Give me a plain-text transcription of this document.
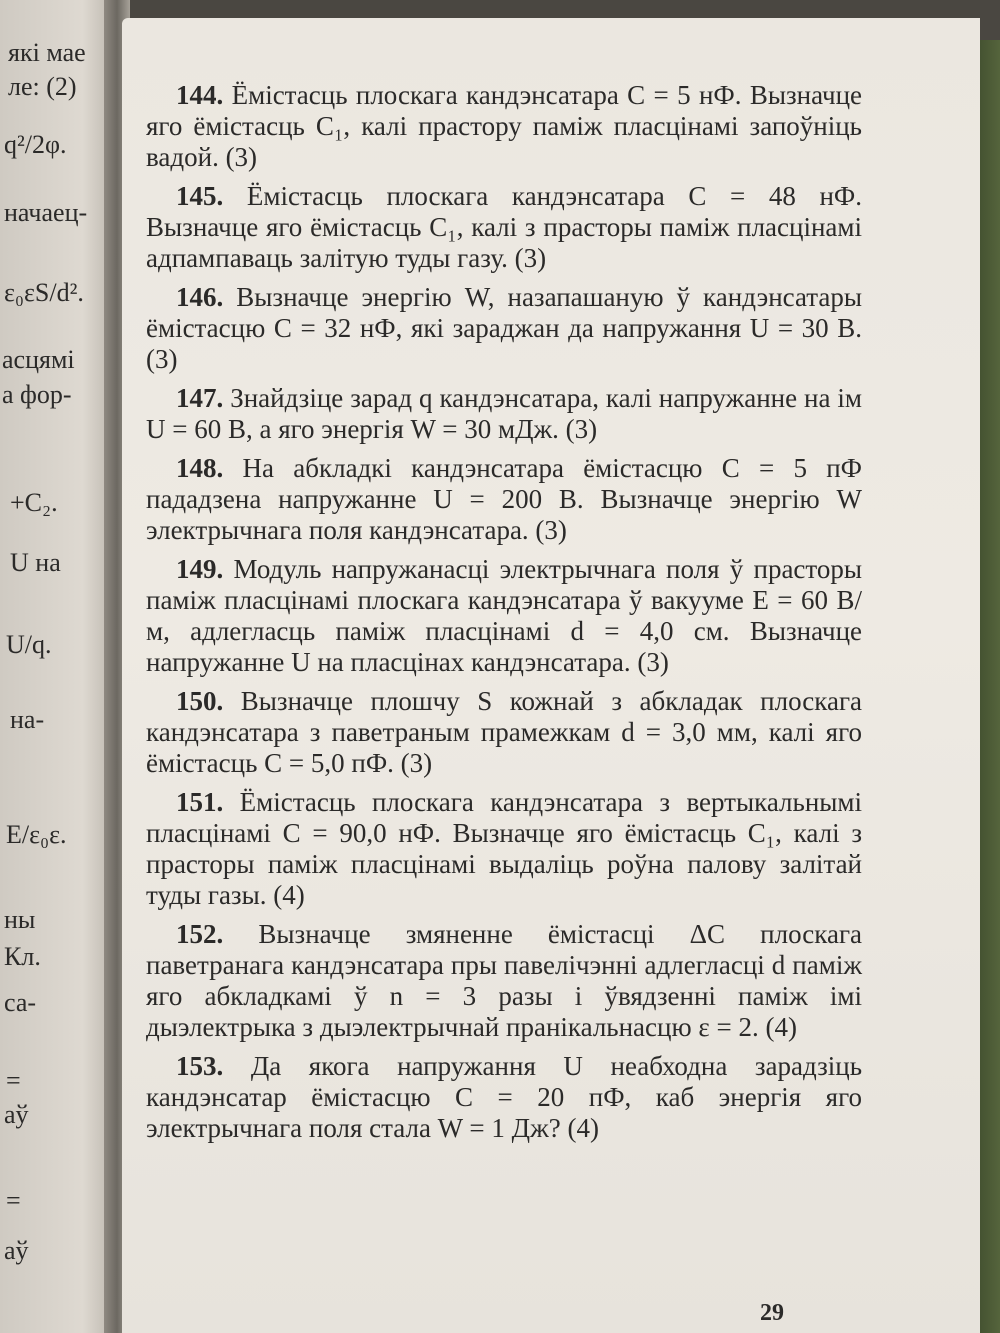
які мае
ле: (2)
q²/2φ.
начаец-
ε₀εS/d².
асцямі
а фор-
+C₂.
U на
U/q.
на-
E/ε₀ε.
ны
Кл.
са-
=
аў
=
аў

144. Ёмістасць плоскага кандэнсатара C = 5 нФ. Вызначце яго ёмістасць C₁, калі прастору паміж пласцінамі запоўніць вадой. (3)

145. Ёмістасць плоскага кандэнсатара C = 48 нФ. Вызначце яго ёмістасць C₁, калі з прасторы паміж пласцінамі адпампаваць залітую туды газу. (3)

146. Вызначце энергію W, назапашаную ў кандэнсатары ёмістасцю C = 32 нФ, які зараджан да напружання U = 30 В. (3)

147. Знайдзіце зарад q кандэнсатара, калі напружанне на ім U = 60 В, а яго энергія W = 30 мДж. (3)

148. На абкладкі кандэнсатара ёмістасцю C = 5 пФ пададзена напружанне U = 200 В. Вызначце энергію W электрычнага поля кандэнсатара. (3)

149. Модуль напружанасці электрычнага поля ў прасторы паміж пласцінамі плоскага кандэнсатара ў вакууме E = 60 В/м, адлегласць паміж пласцінамі d = 4,0 см. Вызначце напружанне U на пласцінах кандэнсатара. (3)

150. Вызначце плошчу S кожнай з абкладак плоскага кандэнсатара з паветраным прамежкам d = 3,0 мм, калі яго ёмістасць C = 5,0 пФ. (3)

151. Ёмістасць плоскага кандэнсатара з вертыкальнымі пласцінамі C = 90,0 нФ. Вызначце яго ёмістасць C₁, калі з прасторы паміж пласцінамі выдаліць роўна палову залітай туды газы. (4)

152. Вызначце змяненне ёмістасці ΔC плоскага паветранага кандэнсатара пры павелічэнні адлегласці d паміж яго абкладкамі ў n = 3 разы і ўвядзенні паміж імі дыэлектрыка з дыэлектрычнай пранікальнасцю ε = 2. (4)

153. Да якога напружання U неабходна зарадзіць кандэнсатар ёмістасцю C = 20 пФ, каб энергія яго электрычнага поля стала W = 1 Дж? (4)

29
